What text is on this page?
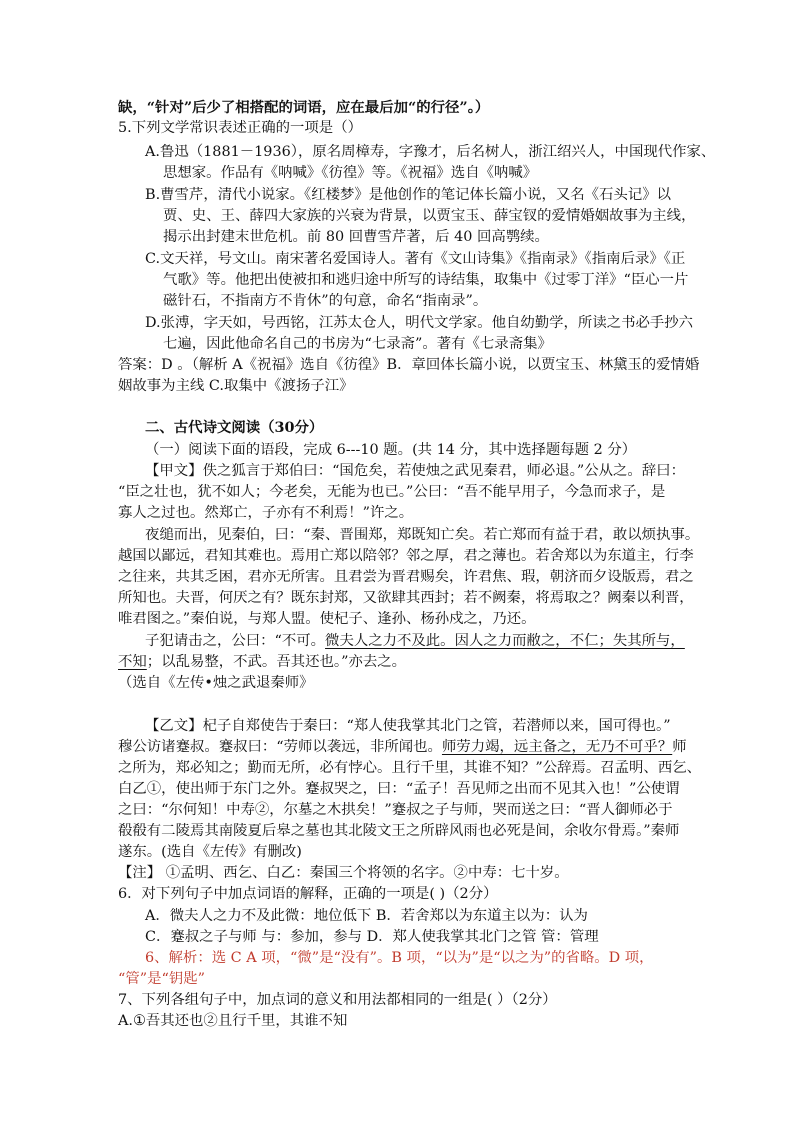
缺，“针对”后少了相搭配的词语，应在最后加“的行径”。）
5.下列文学常识表述正确的一项是（）
A.鲁迅（1881－1936），原名周樟寿，字豫才，后名树人，浙江绍兴人，中国现代作家、
思想家。作品有《呐喊》《彷徨》等。《祝福》选自《呐喊》
B.曹雪芹，清代小说家。《红楼梦》是他创作的笔记体长篇小说，又名《石头记》以
贾、史、王、薛四大家族的兴衰为背景，以贾宝玉、薛宝钗的爱情婚姻故事为主线，
揭示出封建末世危机。前 80 回曹雪芹著，后 40 回高鹗续。
C.文天祥，号文山。南宋著名爱国诗人。著有《文山诗集》《指南录》《指南后录》《正
气歌》等。他把出使被扣和逃归途中所写的诗结集，取集中《过零丁洋》“臣心一片
磁针石，不指南方不肯休”的句意，命名“指南录”。
D.张溥，字天如，号西铭，江苏太仓人，明代文学家。他自幼勤学，所读之书必手抄六
七遍，因此他命名自己的书房为“七录斋”。著有《七录斋集》
答案：D 。（解析 A《祝福》选自《彷徨》B．章回体长篇小说，以贾宝玉、林黛玉的爱情婚
姻故事为主线 C.取集中《渡扬子江》
二、古代诗文阅读（30分）
（一）阅读下面的语段，完成 6---10 题。(共 14 分，其中选择题每题 2 分）
【甲文】佚之狐言于郑伯曰：“国危矣，若使烛之武见秦君，师必退。”公从之。辞曰：
“臣之壮也，犹不如人；今老矣，无能为也已。”公曰：“吾不能早用子，今急而求子，是
寡人之过也。然郑亡，子亦有不利焉！”许之。
夜缒而出，见秦伯，曰：“秦、晋围郑，郑既知亡矣。若亡郑而有益于君，敢以烦执事。
越国以鄙远，君知其难也。焉用亡郑以陪邻？邻之厚，君之薄也。若舍郑以为东道主，行李
之往来，共其乏困，君亦无所害。且君尝为晋君赐矣，许君焦、瑕，朝济而夕设版焉，君之
所知也。夫晋，何厌之有？既东封郑，又欲肆其西封；若不阙秦，将焉取之？阙秦以利晋，
唯君图之。”秦伯说，与郑人盟。使杞子、逢孙、杨孙戍之，乃还。
子犯请击之，公曰：“不可。微夫人之力不及此。因人之力而敝之，不仁；失其所与，
不知；以乱易整，不武。吾其还也。”亦去之。
（选自《左传•烛之武退秦师》
【乙文】杞子自郑使告于秦曰：“郑人使我掌其北门之管，若潜师以来，国可得也。”
穆公访诸蹇叔。蹇叔曰：“劳师以袭远，非所闻也。师劳力竭，远主备之，无乃不可乎？师
之所为，郑必知之；勤而无所，必有悖心。且行千里，其谁不知？”公辞焉。召孟明、西乞、
白乙①，使出师于东门之外。蹇叔哭之，曰：“孟子！吾见师之出而不见其入也！”公使谓
之曰：“尔何知！中寿②，尔墓之木拱矣！”蹇叔之子与师，哭而送之曰：“晋人御师必于
殽殽有二陵焉其南陵夏后皋之墓也其北陵文王之所辟风雨也必死是间，余收尔骨焉。”秦师
遂东。(选自《左传》有删改)
【注】 ①孟明、西乞、白乙：秦国三个将领的名字。②中寿：七十岁。
6．对下列句子中加点词语的解释，正确的一项是( )（2分）
A．微夫人之力不及此微：地位低下 B．若舍郑以为东道主以为：认为
C．蹇叔之子与师 与：参加，参与 D．郑人使我掌其北门之管 管：管理
6、解析：选 C A 项，“微”是“没有”。B 项，“以为”是“以之为”的省略。D 项，
“管”是“钥匙”
7、下列各组句子中，加点词的意义和用法都相同的一组是( ）（2分）
A.①吾其还也②且行千里，其谁不知
